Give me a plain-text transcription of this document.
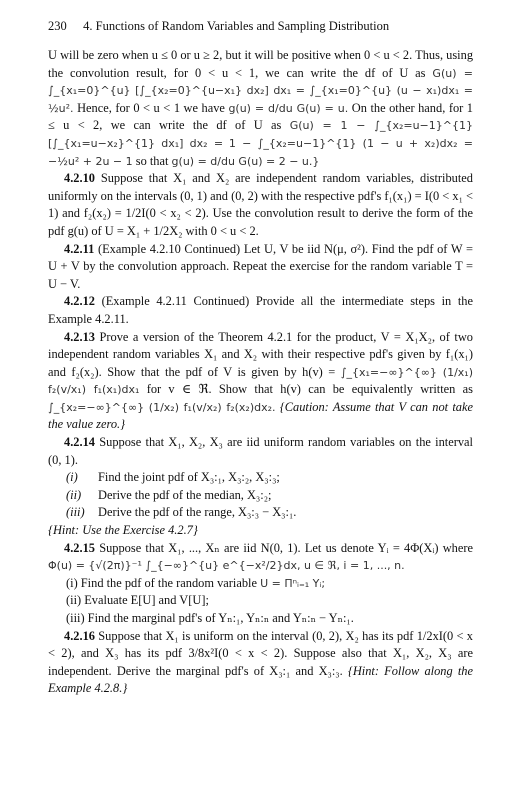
230 4. Functions of Random Variables and Sampling Distribution

U will be zero when u ≤ 0 or u ≥ 2, but it will be positive when 0 < u < 2. Thus, using the convolution result, for 0 < u < 1, we can write the df of U as G(u) = ∫_{x₁=0}^{u} [∫_{x₂=0}^{u−x₁} dx₂] dx₁ = ∫_{x₁=0}^{u} (u − x₁)dx₁ = ½u². Hence, for 0 < u < 1 we have g(u) = d/du G(u) = u. On the other hand, for 1 ≤ u < 2, we can write the df of U as G(u) = 1 − ∫_{x₂=u−1}^{1} [∫_{x₁=u−x₂}^{1} dx₁] dx₂ = 1 − ∫_{x₂=u−1}^{1} (1 − u + x₂)dx₂ = −½u² + 2u − 1 so that g(u) = d/du G(u) = 2 − u.}

4.2.10 Suppose that X₁ and X₂ are independent random variables, distributed uniformly on the intervals (0, 1) and (0, 2) with the respective pdf's f₁(x₁) = I(0 < x₁ < 1) and f₂(x₂) = 1/2I(0 < x₂ < 2). Use the convolution result to derive the form of the pdf g(u) of U = X₁ + 1/2X₂ with 0 < u < 2.

4.2.11 (Example 4.2.10 Continued) Let U, V be iid N(μ, σ²). Find the pdf of W = U + V by the convolution approach. Repeat the exercise for the random variable T = U − V.

4.2.12 (Example 4.2.11 Continued) Provide all the intermediate steps in the Example 4.2.11.

4.2.13 Prove a version of the Theorem 4.2.1 for the product, V = X₁X₂, of two independent random variables X₁ and X₂ with their respective pdf's given by f₁(x₁) and f₂(x₂). Show that the pdf of V is given by h(v) = ∫_{x₁=−∞}^{∞} (1/x₁) f₂(v/x₁) f₁(x₁)dx₁ for v ∈ ℜ. Show that h(v) can be equivalently written as ∫_{x₂=−∞}^{∞} (1/x₂) f₁(v/x₂) f₂(x₂)dx₂. {Caution: Assume that V can not take the value zero.}

4.2.14 Suppose that X₁, X₂, X₃ are iid uniform random variables on the interval (0, 1).

(i) Find the joint pdf of X₃:₁, X₃:₂, X₃:₃;

(ii) Derive the pdf of the median, X₃:₂;

(iii) Derive the pdf of the range, X₃:₃ − X₃:₁.

{Hint: Use the Exercise 4.2.7}

4.2.15 Suppose that X₁, ..., Xₙ are iid N(0, 1). Let us denote Yᵢ = 4Φ(Xᵢ) where Φ(u) = {√(2π)}⁻¹ ∫_{−∞}^{u} e^{−x²/2}dx, u ∈ ℜ, i = 1, ..., n.

(i) Find the pdf of the random variable U = Πⁿᵢ₌₁ Yᵢ;

(ii) Evaluate E[U] and V[U];

(iii) Find the marginal pdf's of Yₙ:₁, Yₙ:ₙ and Yₙ:ₙ − Yₙ:₁.

4.2.16 Suppose that X₁ is uniform on the interval (0, 2), X₂ has its pdf 1/2xI(0 < x < 2), and X₃ has its pdf 3/8x²I(0 < x < 2). Suppose also that X₁, X₂, X₃ are independent. Derive the marginal pdf's of X₃:₁ and X₃:₃. {Hint: Follow along the Example 4.2.8.}
